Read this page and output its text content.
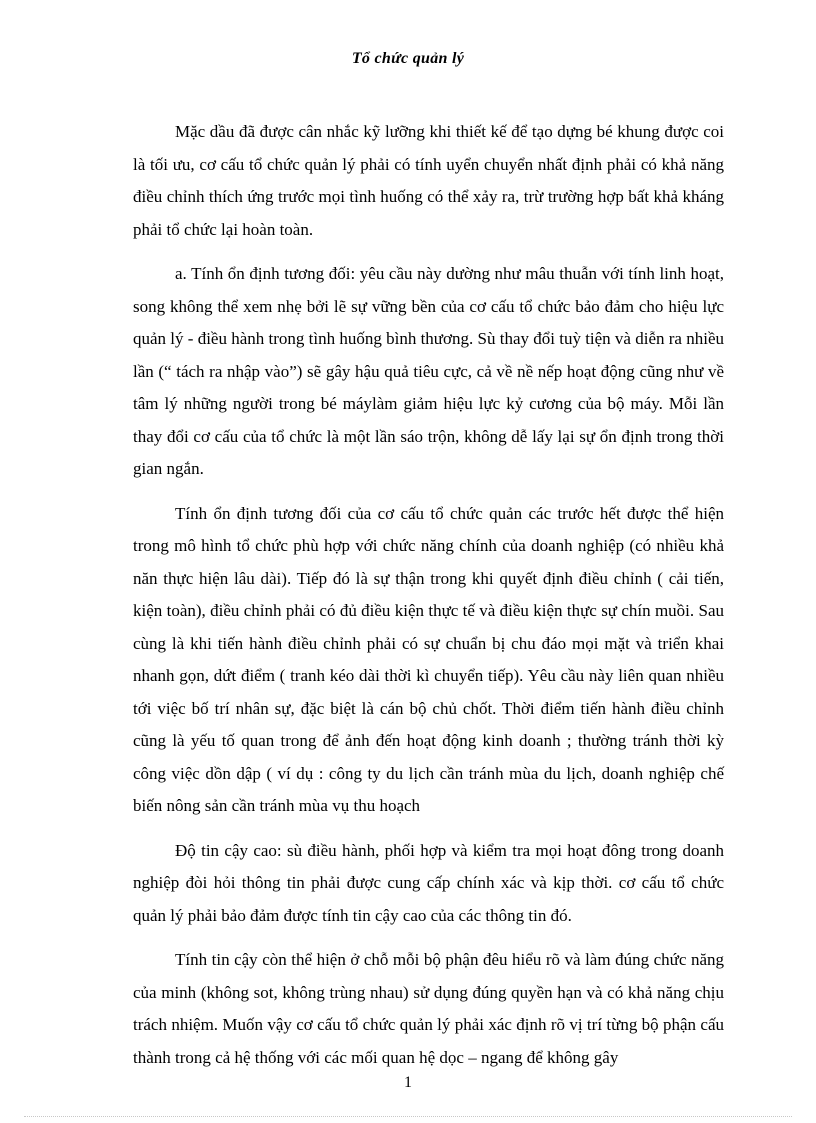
Tổ chức quản lý

Mặc dầu đã được cân nhắc kỹ lưỡng khi thiết kế để tạo dựng bé khung được coi là tối ưu, cơ cấu tổ chức quản lý phải có tính uyển chuyển nhất định phải có khả năng điều chỉnh thích ứng trước mọi tình huống có thể xảy ra, trừ trường hợp bất khả kháng phải tổ chức lại hoàn toàn.

a. Tính ổn định tương đối: yêu cầu này dường như mâu thuẫn với tính linh hoạt, song không thể xem nhẹ bởi lẽ sự vững bền của cơ cấu tổ chức bảo đảm cho hiệu lực quản lý - điều hành trong tình huống bình thương. Sù thay đổi tuỳ tiện và diễn ra nhiều lần (“ tách ra nhập vào”) sẽ gây hậu quả tiêu cực, cả về nề nếp hoạt động cũng như về tâm lý những người trong bé máylàm giảm hiệu lực kỷ cương của bộ máy. Mỗi lần thay đổi cơ cấu của tổ chức là một lần sáo trộn, không dễ lấy lại sự ổn định trong thời gian ngắn.

Tính ổn định tương đối của cơ cấu tổ chức quản các trước hết được thể hiện trong mô hình tổ chức phù hợp với chức năng chính của doanh nghiệp (có nhiều khả năn thực hiện lâu dài). Tiếp đó là sự thận trong khi quyết định điều chỉnh ( cải tiến, kiện toàn), điều chỉnh phải có đủ điều kiện thực tế và điều kiện thực sự chín muồi. Sau cùng là khi tiến hành điều chỉnh phải có sự chuẩn bị chu đáo mọi mặt và triển khai nhanh gọn, dứt điểm ( tranh kéo dài thời kì chuyển tiếp). Yêu cầu này liên quan nhiều tới việc bố trí nhân sự, đặc biệt là cán bộ chủ chốt. Thời điểm tiến hành điều chỉnh cũng là yếu tố quan trong để ảnh đến hoạt động kinh doanh ; thường tránh thời kỳ công việc dồn dập ( ví dụ : công ty du lịch cần tránh mùa du lịch, doanh nghiệp chế biến nông sản cần tránh mùa vụ thu hoạch

Độ tin cậy cao: sù điều hành, phối hợp và kiểm tra mọi hoạt đông trong doanh nghiệp đòi hỏi thông tin phải được cung cấp chính xác và kịp thời. cơ cấu tổ chức quản lý phải bảo đảm được tính tin cậy cao của các thông tin đó.

Tính tin cậy còn thể hiện ở chỗ mỗi bộ phận đêu hiểu rõ và làm đúng chức năng của minh (không sot, không trùng nhau) sử dụng đúng quyền hạn và có khả năng chịu trách nhiệm. Muốn vậy cơ cấu tổ chức quản lý phải xác định rõ vị trí từng bộ phận cấu thành trong cả hệ thống với các mối quan hệ dọc – ngang để không gây

1
